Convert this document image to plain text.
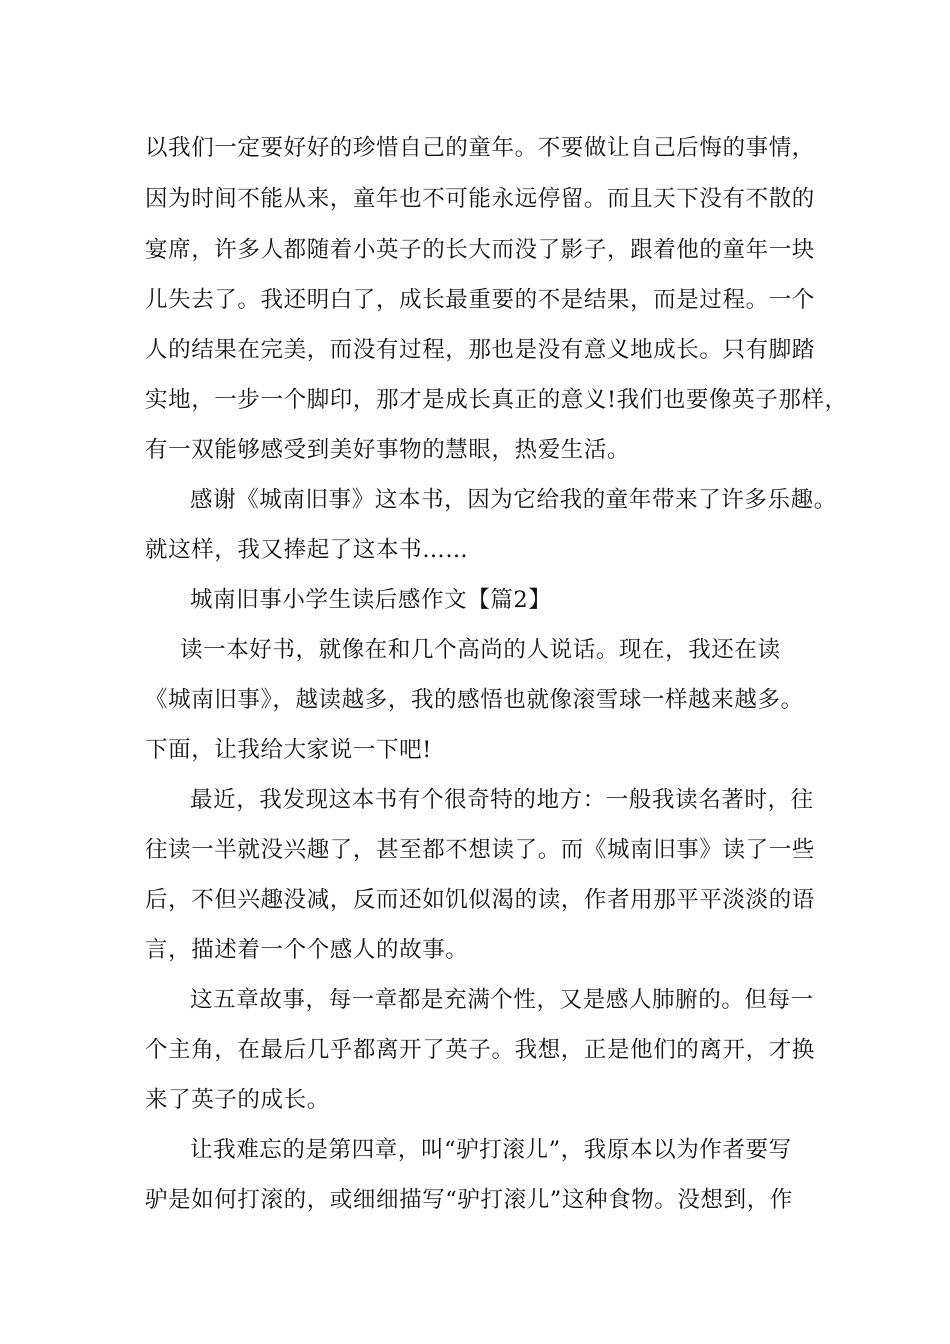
以我们一定要好好的珍惜自己的童年。不要做让自己后悔的事情，
因为时间不能从来，童年也不可能永远停留。而且天下没有不散的
宴席，许多人都随着小英子的长大而没了影子，跟着他的童年一块
儿失去了。我还明白了，成长最重要的不是结果，而是过程。一个
人的结果在完美，而没有过程，那也是没有意义地成长。只有脚踏
实地，一步一个脚印，那才是成长真正的意义!我们也要像英子那样，
有一双能够感受到美好事物的慧眼，热爱生活。
感谢《城南旧事》这本书，因为它给我的童年带来了许多乐趣。
就这样，我又捧起了这本书……
城南旧事小学生读后感作文【篇2】
读一本好书，就像在和几个高尚的人说话。现在，我还在读
《城南旧事》，越读越多，我的感悟也就像滚雪球一样越来越多。
下面，让我给大家说一下吧!
最近，我发现这本书有个很奇特的地方：一般我读名著时，往
往读一半就没兴趣了，甚至都不想读了。而《城南旧事》读了一些
后，不但兴趣没减，反而还如饥似渴的读，作者用那平平淡淡的语
言，描述着一个个感人的故事。
这五章故事，每一章都是充满个性，又是感人肺腑的。但每一
个主角，在最后几乎都离开了英子。我想，正是他们的离开，才换
来了英子的成长。
让我难忘的是第四章，叫“驴打滚儿”，我原本以为作者要写
驴是如何打滚的，或细细描写“驴打滚儿”这种食物。没想到，作
